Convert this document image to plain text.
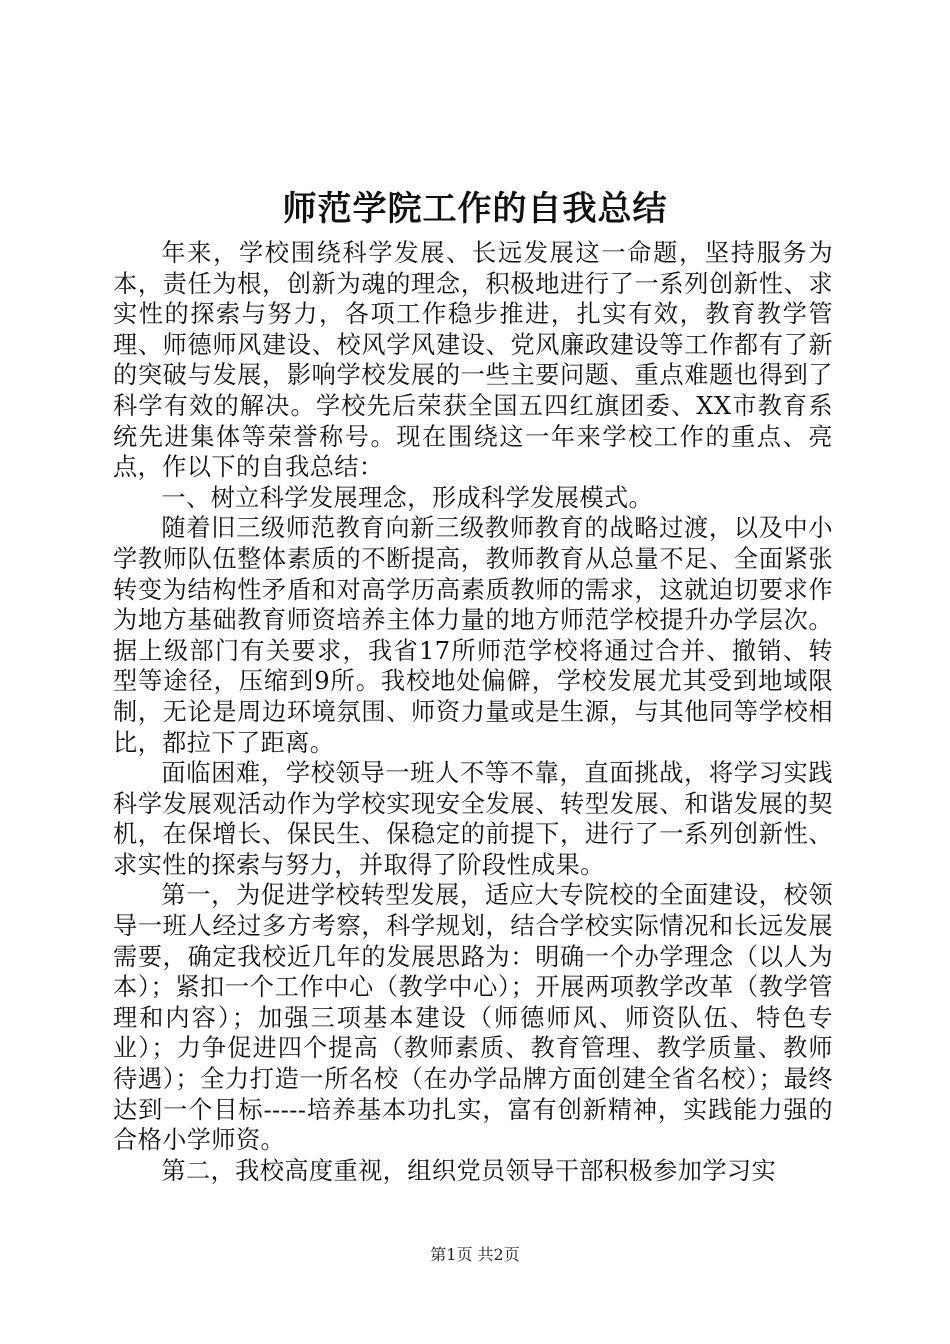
师范学院工作的自我总结

年来，学校围绕科学发展、长远发展这一命题，坚持服务为本，责任为根，创新为魂的理念，积极地进行了一系列创新性、求实性的探索与努力，各项工作稳步推进，扎实有效，教育教学管理、师德师风建设、校风学风建设、党风廉政建设等工作都有了新的突破与发展，影响学校发展的一些主要问题、重点难题也得到了科学有效的解决。学校先后荣获全国五四红旗团委、XX市教育系统先进集体等荣誉称号。现在围绕这一年来学校工作的重点、亮点，作以下的自我总结：

一、树立科学发展理念，形成科学发展模式。

随着旧三级师范教育向新三级教师教育的战略过渡，以及中小学教师队伍整体素质的不断提高，教师教育从总量不足、全面紧张转变为结构性矛盾和对高学历高素质教师的需求，这就迫切要求作为地方基础教育师资培养主体力量的地方师范学校提升办学层次。据上级部门有关要求，我省17所师范学校将通过合并、撤销、转型等途径，压缩到9所。我校地处偏僻，学校发展尤其受到地域限制，无论是周边环境氛围、师资力量或是生源，与其他同等学校相比，都拉下了距离。

面临困难，学校领导一班人不等不靠，直面挑战，将学习实践科学发展观活动作为学校实现安全发展、转型发展、和谐发展的契机，在保增长、保民生、保稳定的前提下，进行了一系列创新性、求实性的探索与努力，并取得了阶段性成果。

第一，为促进学校转型发展，适应大专院校的全面建设，校领导一班人经过多方考察，科学规划，结合学校实际情况和长远发展需要，确定我校近几年的发展思路为：明确一个办学理念（以人为本）；紧扣一个工作中心（教学中心）；开展两项教学改革（教学管理和内容）；加强三项基本建设（师德师风、师资队伍、特色专业）；力争促进四个提高（教师素质、教育管理、教学质量、教师待遇）；全力打造一所名校（在办学品牌方面创建全省名校）；最终达到一个目标-----培养基本功扎实，富有创新精神，实践能力强的合格小学师资。

第二，我校高度重视，组织党员领导干部积极参加学习实

第1页 共2页
